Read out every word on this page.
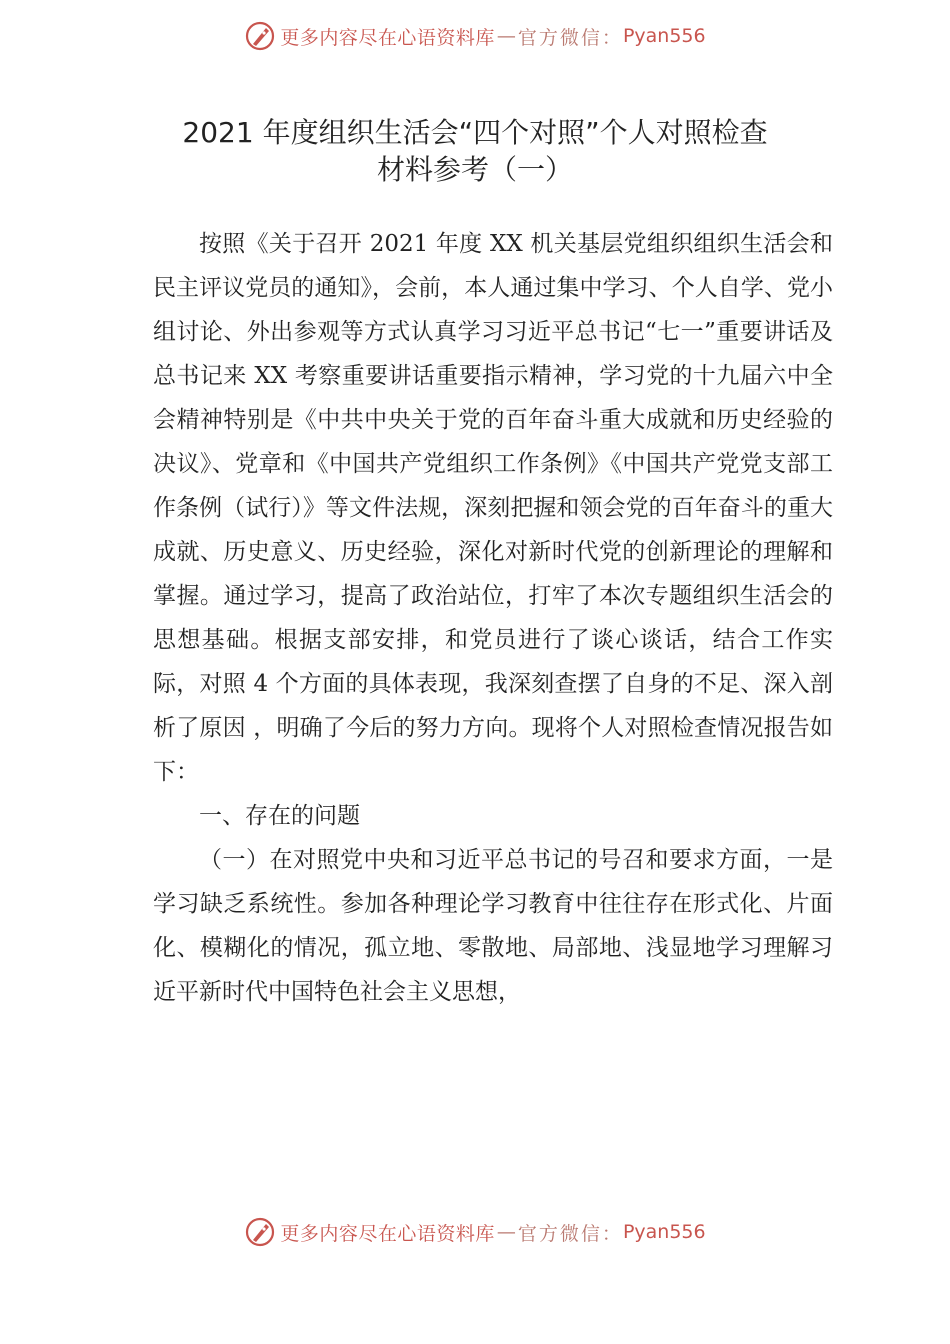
更多内容尽在心语资料库 — 官方微信： Pyan556
2021 年度组织生活会“四个对照”个人对照检查
材料参考（一）

按照《关于召开 2021 年度 XX 机关基层党组织组织生活会和民主评议党员的通知》，会前，本人通过集中学习、个人自学、党小组讨论、外出参观等方式认真学习习近平总书记“七一”重要讲话及总书记来 XX 考察重要讲话重要指示精神，学习党的十九届六中全会精神特别是《中共中央关于党的百年奋斗重大成就和历史经验的决议》、党章和《中国共产党组织工作条例》《中国共产党党支部工作条例（试行）》等文件法规，深刻把握和领会党的百年奋斗的重大成就、历史意义、历史经验，深化对新时代党的创新理论的理解和掌握。通过学习，提高了政治站位，打牢了本次专题组织生活会的思想基础。根据支部安排，和党员进行了谈心谈话，结合工作实际，对照 4 个方面的具体表现，我深刻查摆了自身的不足、深入剖析了原因 ，明确了今后的努力方向。现将个人对照检查情况报告如下：

一、存在的问题

（一）在对照党中央和习近平总书记的号召和要求方面，一是学习缺乏系统性。参加各种理论学习教育中往往存在形式化、片面化、模糊化的情况，孤立地、零散地、局部地、浅显地学习理解习近平新时代中国特色社会主义思想，

更多内容尽在心语资料库 — 官方微信： Pyan556
